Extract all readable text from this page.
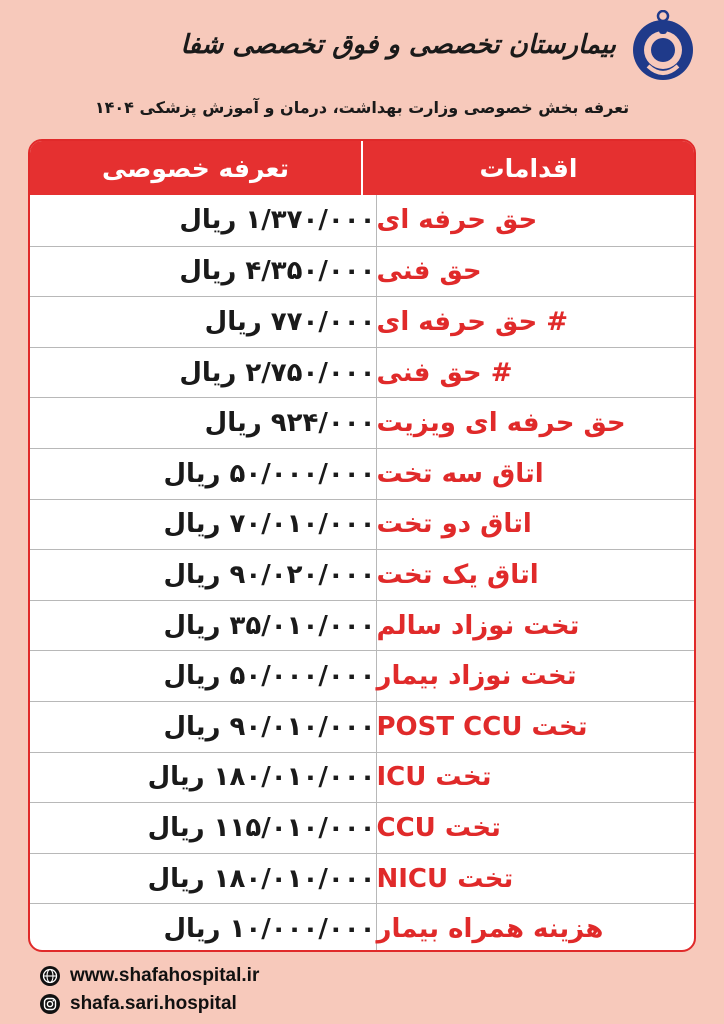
بیمارستان تخصصی و فوق تخصصی شفا
تعرفه بخش خصوصی وزارت بهداشت، درمان و آموزش پزشکی ۱۴۰۴
اقدامات
تعرفه خصوصی
حق حرفه ای
۱/۳۷۰/۰۰۰ ریال
حق فنی
۴/۳۵۰/۰۰۰ ریال
# حق حرفه ای
۷۷۰/۰۰۰ ریال
# حق فنی
۲/۷۵۰/۰۰۰ ریال
حق حرفه ای ویزیت
۹۲۴/۰۰۰ ریال
اتاق سه تخت
۵۰/۰۰۰/۰۰۰ ریال
اتاق دو تخت
۷۰/۰۱۰/۰۰۰ ریال
اتاق یک تخت
۹۰/۰۲۰/۰۰۰ ریال
تخت نوزاد سالم
۳۵/۰۱۰/۰۰۰ ریال
تخت نوزاد بیمار
۵۰/۰۰۰/۰۰۰ ریال
تخت POST CCU
۹۰/۰۱۰/۰۰۰ ریال
تخت ICU
۱۸۰/۰۱۰/۰۰۰ ریال
تخت CCU
۱۱۵/۰۱۰/۰۰۰ ریال
تخت NICU
۱۸۰/۰۱۰/۰۰۰ ریال
هزینه همراه بیمار
۱۰/۰۰۰/۰۰۰ ریال
www.shafahospital.ir
shafa.sari.hospital
